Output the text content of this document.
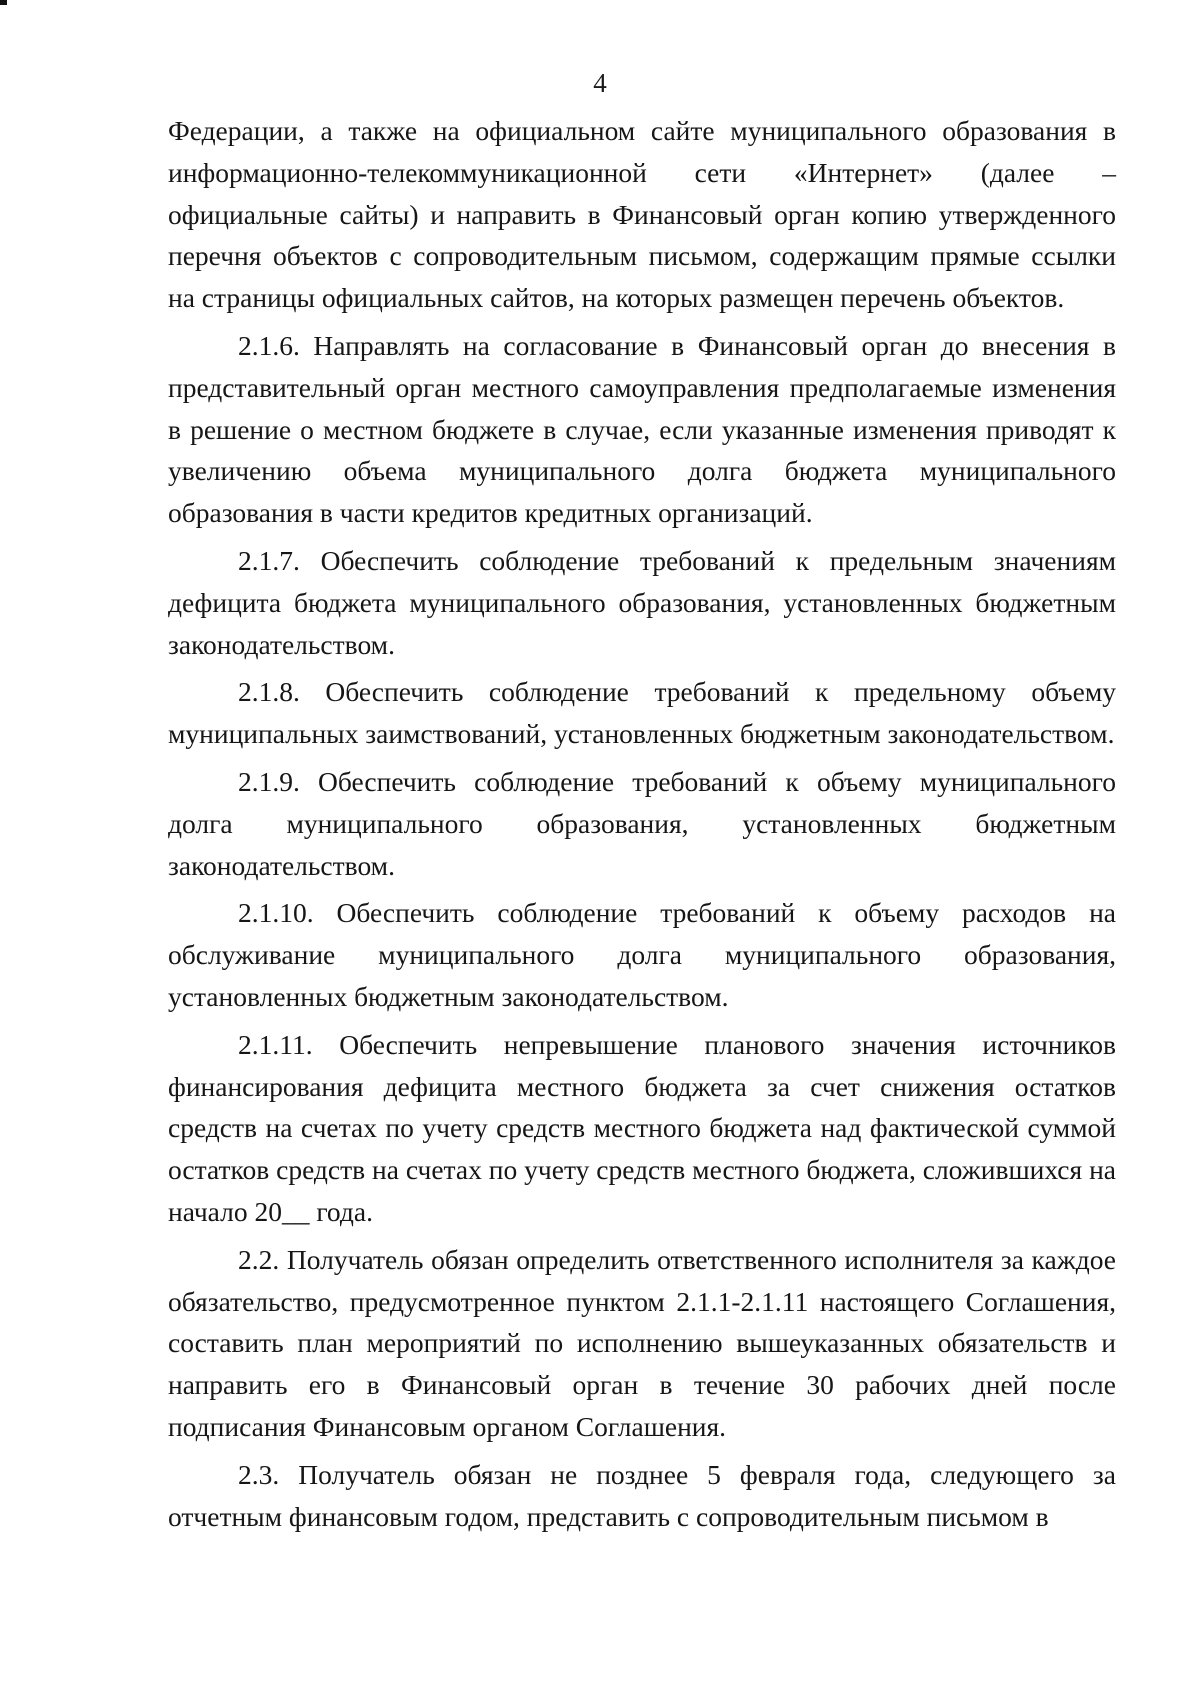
4

Федерации, а также на официальном сайте муниципального образования в информационно-телекоммуникационной сети «Интернет» (далее – официальные сайты) и направить в Финансовый орган копию утвержденного перечня объектов с сопроводительным письмом, содержащим прямые ссылки на страницы официальных сайтов, на которых размещен перечень объектов.

2.1.6. Направлять на согласование в Финансовый орган до внесения в представительный орган местного самоуправления предполагаемые изменения в решение о местном бюджете в случае, если указанные изменения приводят к увеличению объема муниципального долга бюджета муниципального образования в части кредитов кредитных организаций.

2.1.7. Обеспечить соблюдение требований к предельным значениям дефицита бюджета муниципального образования, установленных бюджетным законодательством.

2.1.8. Обеспечить соблюдение требований к предельному объему муниципальных заимствований, установленных бюджетным законодательством.

2.1.9. Обеспечить соблюдение требований к объему муниципального долга муниципального образования, установленных бюджетным законодательством.

2.1.10. Обеспечить соблюдение требований к объему расходов на обслуживание муниципального долга муниципального образования, установленных бюджетным законодательством.

2.1.11. Обеспечить непревышение планового значения источников финансирования дефицита местного бюджета за счет снижения остатков средств на счетах по учету средств местного бюджета над фактической суммой остатков средств на счетах по учету средств местного бюджета, сложившихся на начало 20__ года.

2.2. Получатель обязан определить ответственного исполнителя за каждое обязательство, предусмотренное пунктом 2.1.1-2.1.11 настоящего Соглашения, составить план мероприятий по исполнению вышеуказанных обязательств и направить его в Финансовый орган в течение 30 рабочих дней после подписания Финансовым органом Соглашения.

2.3. Получатель обязан не позднее 5 февраля года, следующего за отчетным финансовым годом, представить с сопроводительным письмом в
